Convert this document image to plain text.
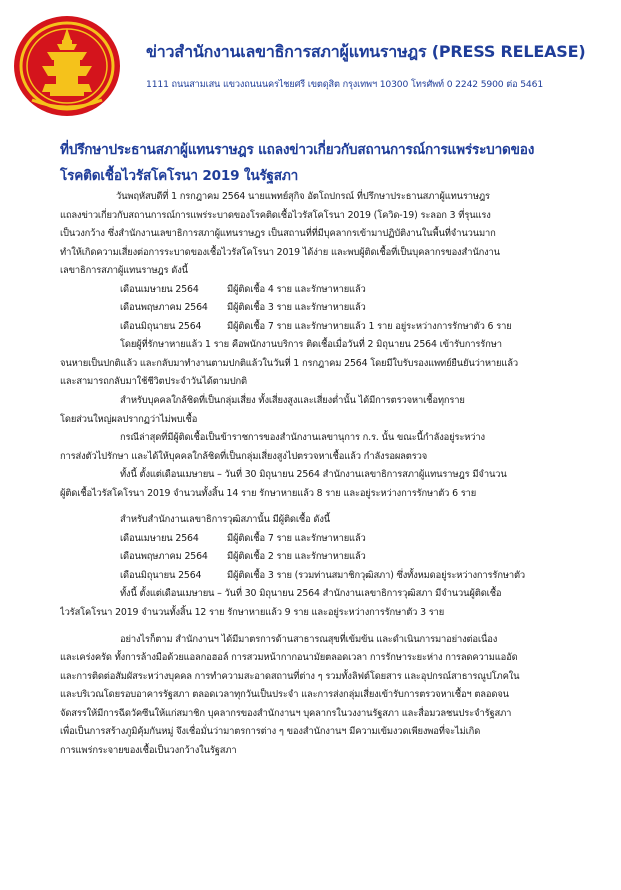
ข่าวสำนักงานเลขาธิการสภาผู้แทนราษฎร (PRESS RELEASE)
1111 ถนนสามเสน แขวงถนนนครไชยศรี เขตดุสิต กรุงเทพฯ 10300 โทรศัพท์ 0 2242 5900 ต่อ 5461
ที่ปรึกษาประธานสภาผู้แทนราษฎร แถลงข่าวเกี่ยวกับสถานการณ์การแพร่ระบาดของ
โรคติดเชื้อไวรัสโคโรนา 2019 ในรัฐสภา
วันพฤหัสบดีที่ 1 กรกฎาคม 2564 นายแพทย์สุกิจ อัตโถปกรณ์ ที่ปรึกษาประธานสภาผู้แทนราษฎร
แถลงข่าวเกี่ยวกับสถานการณ์การแพร่ระบาดของโรคติดเชื้อไวรัสโคโรนา 2019 (โควิด-19) ระลอก 3 ที่รุนแรง
เป็นวงกว้าง ซึ่งสำนักงานเลขาธิการสภาผู้แทนราษฎร เป็นสถานที่ที่มีบุคลากรเข้ามาปฏิบัติงานในพื้นที่จำนวนมาก
ทำให้เกิดความเสี่ยงต่อการระบาดของเชื้อไวรัสโคโรนา 2019 ได้ง่าย และพบผู้ติดเชื้อที่เป็นบุคลากรของสำนักงาน
เลขาธิการสภาผู้แทนราษฎร ดังนี้
เดือนเมษายน 2564	มีผู้ติดเชื้อ 4 ราย และรักษาหายแล้ว
เดือนพฤษภาคม 2564 มีผู้ติดเชื้อ 3 ราย และรักษาหายแล้ว
เดือนมิถุนายน 2564	มีผู้ติดเชื้อ 7 ราย และรักษาหายแล้ว 1 ราย อยู่ระหว่างการรักษาตัว 6 ราย
โดยผู้ที่รักษาหายแล้ว 1 ราย คือพนักงานบริการ ติดเชื้อเมื่อวันที่ 2 มิถุนายน 2564 เข้ารับการรักษา
จนหายเป็นปกติแล้ว และกลับมาทำงานตามปกติแล้วในวันที่ 1 กรกฎาคม 2564 โดยมีใบรับรองแพทย์ยืนยันว่าหายแล้ว
และสามารถกลับมาใช้ชีวิตประจำวันได้ตามปกติ
สำหรับบุคคลใกล้ชิดที่เป็นกลุ่มเสี่ยง ทั้งเสี่ยงสูงและเสี่ยงต่ำนั้น ได้มีการตรวจหาเชื้อทุกราย
โดยส่วนใหญ่ผลปรากฏว่าไม่พบเชื้อ
กรณีล่าสุดที่มีผู้ติดเชื้อเป็นข้าราชการของสำนักงานเลขานุการ ก.ร. นั้น ขณะนี้กำลังอยู่ระหว่าง
การส่งตัวไปรักษา และได้ให้บุคคลใกล้ชิดที่เป็นกลุ่มเสี่ยงสูงไปตรวจหาเชื้อแล้ว กำลังรอผลตรวจ
ทั้งนี้ ตั้งแต่เดือนเมษายน – วันที่ 30 มิถุนายน 2564 สำนักงานเลขาธิการสภาผู้แทนราษฎร มีจำนวน
ผู้ติดเชื้อไวรัสโคโรนา 2019 จำนวนทั้งสิ้น 14 ราย รักษาหายแล้ว 8 ราย และอยู่ระหว่างการรักษาตัว 6 ราย
สำหรับสำนักงานเลขาธิการวุฒิสภานั้น มีผู้ติดเชื้อ ดังนี้
เดือนเมษายน 2564	มีผู้ติดเชื้อ 7 ราย และรักษาหายแล้ว
เดือนพฤษภาคม 2564 มีผู้ติดเชื้อ 2 ราย และรักษาหายแล้ว
เดือนมิถุนายน 2564	มีผู้ติดเชื้อ 3 ราย (รวมท่านสมาชิกวุฒิสภา) ซึ่งทั้งหมดอยู่ระหว่างการรักษาตัว
ทั้งนี้ ตั้งแต่เดือนเมษายน – วันที่ 30 มิถุนายน 2564 สำนักงานเลขาธิการวุฒิสภา มีจำนวนผู้ติดเชื้อ
ไวรัสโคโรนา 2019 จำนวนทั้งสิ้น 12 ราย รักษาหายแล้ว 9 ราย และอยู่ระหว่างการรักษาตัว 3 ราย
อย่างไรก็ตาม สำนักงานฯ ได้มีมาตรการด้านสาธารณสุขที่เข้มข้น และดำเนินการมาอย่างต่อเนื่อง
และเคร่งครัด ทั้งการล้างมือด้วยแอลกอฮอล์ การสวมหน้ากากอนามัยตลอดเวลา การรักษาระยะห่าง การลดความแออัด
และการติดต่อสัมผัสระหว่างบุคคล การทำความสะอาดสถานที่ต่าง ๆ รวมทั้งลิฟต์โดยสาร และอุปกรณ์สาธารณูปโภคใน
และบริเวณโดยรอบอาคารรัฐสภา ตลอดเวลาทุกวันเป็นประจำ และการส่งกลุ่มเสี่ยงเข้ารับการตรวจหาเชื้อฯ ตลอดจน
จัดสรรให้มีการฉีดวัคซีนให้แก่สมาชิก บุคลากรของสำนักงานฯ บุคลากรในวงงานรัฐสภา และสื่อมวลชนประจำรัฐสภา
เพื่อเป็นการสร้างภูมิคุ้มกันหมู่ จึงเชื่อมั่นว่ามาตรการต่าง ๆ ของสำนักงานฯ มีความเข้มงวดเพียงพอที่จะไม่เกิด
การแพร่กระจายของเชื้อเป็นวงกว้างในรัฐสภา
